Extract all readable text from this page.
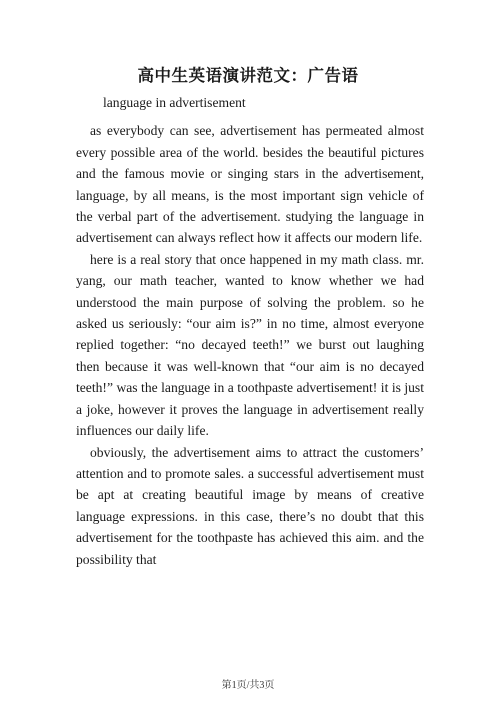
高中生英语演讲范文：广告语

language in advertisement

as everybody can see, advertisement has permeated almost every possible area of the world. besides the beautiful pictures and the famous movie or singing stars in the advertisement, language, by all means, is the most important sign vehicle of the verbal part of the advertisement. studying the language in advertisement can always reflect how it affects our modern life.

here is a real story that once happened in my math class. mr. yang, our math teacher, wanted to know whether we had understood the main purpose of solving the problem. so he asked us seriously: “our aim is?” in no time, almost everyone replied together: “no decayed teeth!” we burst out laughing then because it was well-known that “our aim is no decayed teeth!” was the language in a toothpaste advertisement! it is just a joke, however it proves the language in advertisement really influences our daily life.

obviously, the advertisement aims to attract the customers’ attention and to promote sales. a successful advertisement must be apt at creating beautiful image by means of creative language expressions. in this case, there’s no doubt that this advertisement for the toothpaste has achieved this aim. and the possibility that

第1页/共3页
